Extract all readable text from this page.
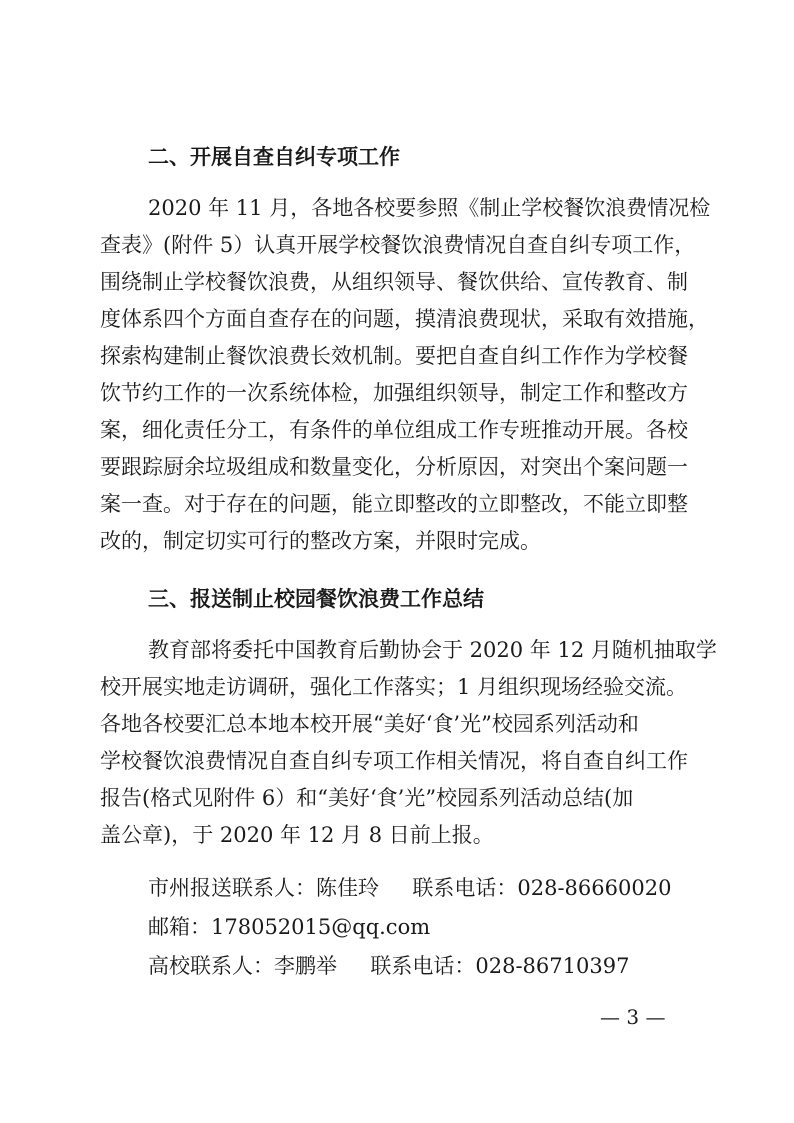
二、开展自查自纠专项工作
2020 年 11 月，各地各校要参照《制止学校餐饮浪费情况检
查表》(附件 5）认真开展学校餐饮浪费情况自查自纠专项工作，
围绕制止学校餐饮浪费，从组织领导、餐饮供给、宣传教育、制
度体系四个方面自查存在的问题，摸清浪费现状，采取有效措施，
探索构建制止餐饮浪费长效机制。要把自查自纠工作作为学校餐
饮节约工作的一次系统体检，加强组织领导，制定工作和整改方
案，细化责任分工，有条件的单位组成工作专班推动开展。各校
要跟踪厨余垃圾组成和数量变化，分析原因，对突出个案问题一
案一查。对于存在的问题，能立即整改的立即整改，不能立即整
改的，制定切实可行的整改方案，并限时完成。
三、报送制止校园餐饮浪费工作总结
教育部将委托中国教育后勤协会于 2020 年 12 月随机抽取学
校开展实地走访调研，强化工作落实；1 月组织现场经验交流。
各地各校要汇总本地本校开展“美好‘食’光”校园系列活动和
学校餐饮浪费情况自查自纠专项工作相关情况，将自查自纠工作
报告(格式见附件 6）和“美好‘食’光”校园系列活动总结(加
盖公章)，于 2020 年 12 月 8 日前上报。
市州报送联系人：陈佳玲     联系电话：028-86660020
邮箱：178052015@qq.com
高校联系人：李鹏举     联系电话：028-86710397
— 3 —
